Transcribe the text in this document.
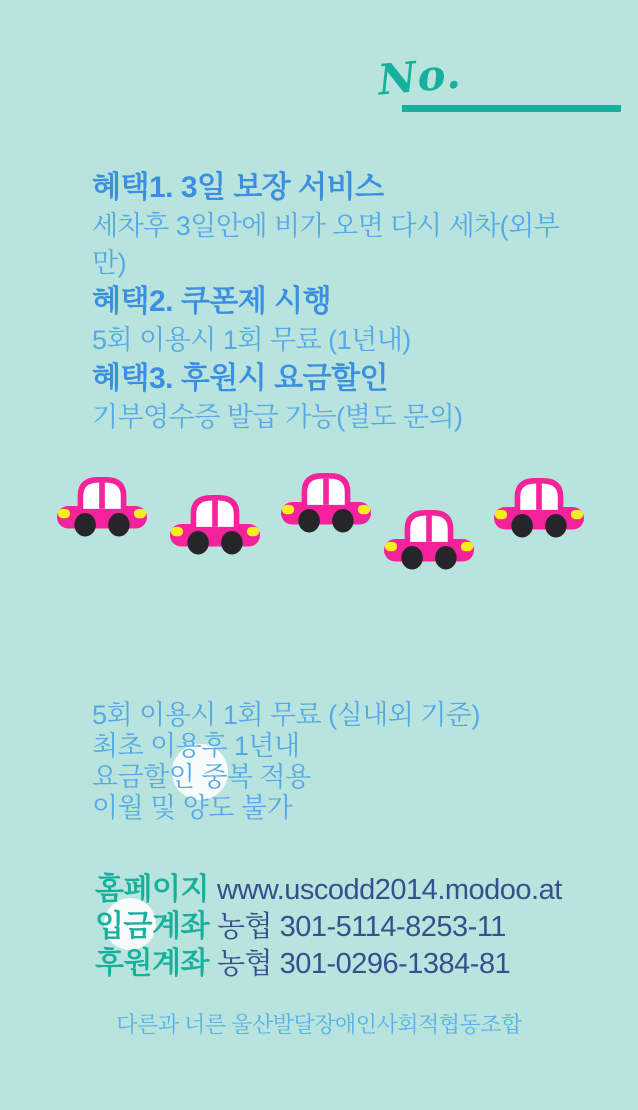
No.
혜택1. 3일 보장 서비스
세차후 3일안에 비가 오면 다시 세차(외부만)
혜택2. 쿠폰제 시행
5회 이용시 1회 무료 (1년내)
혜택3. 후원시 요금할인
기부영수증 발급 가능(별도 문의)
5회 이용시 1회 무료 (실내외 기준)
최초 이용후 1년내
요금할인 중복 적용
이월 및 양도 불가
홈페이지 www.uscodd2014.modoo.at
입금계좌 농협 301-5114-8253-11
후원계좌 농협 301-0296-1384-81
다른과 너른 울산발달장애인사회적협동조합
